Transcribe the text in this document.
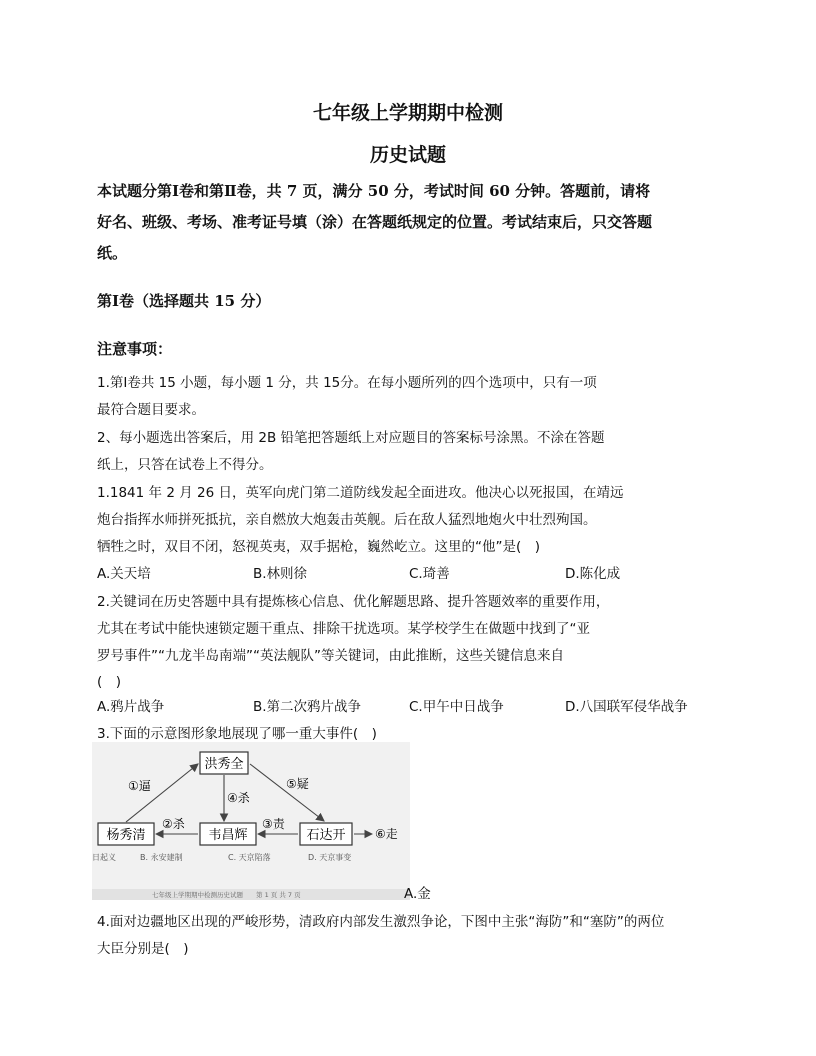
七年级上学期期中检测
历史试题
本试题分第Ⅰ卷和第Ⅱ卷，共 7 页，满分 50 分，考试时间 60 分钟。答题前，请将
好名、班级、考场、准考证号填（涂）在答题纸规定的位置。考试结束后，只交答题
纸。
第Ⅰ卷（选择题共 15 分）
注意事项：
1.第Ⅰ卷共 15 小题，每小题 1 分，共 15分。在每小题所列的四个选项中，只有一项
最符合题目要求。
2、每小题选出答案后，用 2B 铅笔把答题纸上对应题目的答案标号涂黑。不涂在答题
纸上，只答在试卷上不得分。
1.1841 年 2 月 26 日，英军向虎门第二道防线发起全面进攻。他决心以死报国，在靖远
炮台指挥水师拼死抵抗，亲自燃放大炮轰击英舰。后在敌人猛烈地炮火中壮烈殉国。
牺牲之时，双目不闭，怒视英夷，双手据枪，巍然屹立。这里的“他”是(　)
A.关天培	B.林则徐	C.琦善	D.陈化成
2.关键词在历史答题中具有提炼核心信息、优化解题思路、提升答题效率的重要作用，
尤其在考试中能快速锁定题干重点、排除干扰选项。某学校学生在做题中找到了“亚
罗号事件”“九龙半岛南端”“英法舰队”等关键词，由此推断，这些关键信息来自
(　)
A.鸦片战争	B.第二次鸦片战争	C.甲午中日战争	D.八国联军侵华战争
3.下面的示意图形象地展现了哪一重大事件(　)
洪秀全
杨秀清	韦昌辉	石达开
①逼
②杀	③责
④杀
⑤疑
⑥走
日起义	B. 永安建制	C. 天京陷落	D. 天京事变
七年级上学期期中检测历史试题　　第 1 页 共 7 页	A.金
4.面对边疆地区出现的严峻形势，清政府内部发生激烈争论，下图中主张“海防”和“塞防”的两位
大臣分别是(　)
